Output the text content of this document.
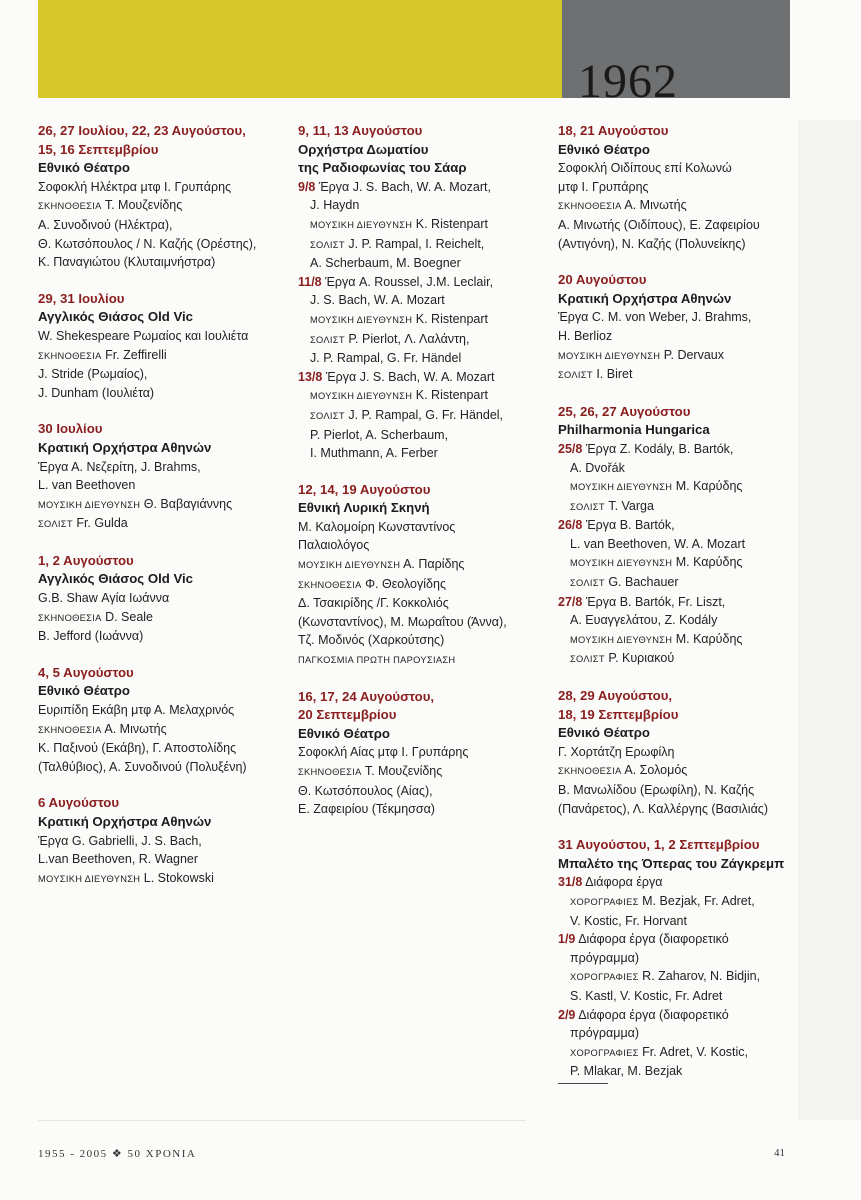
1962
26, 27 Ιουλίου, 22, 23 Αυγούστου,
15, 16 Σεπτεμβρίου
Εθνικό Θέατρο
Σοφοκλή Ηλέκτρα μτφ Ι. Γρυπάρης
ΣΚΗΝΟΘΕΣΙΑ Τ. Μουζενίδης
Α. Συνοδινού (Ηλέκτρα),
Θ. Κωτσόπουλος / Ν. Καζής (Ορέστης),
Κ. Παναγιώτου (Κλυταιμνήστρα)
29, 31 Ιουλίου
Αγγλικός Θιάσος Old Vic
W. Shekespeare Ρωμαίος και Ιουλιέτα
ΣΚΗΝΟΘΕΣΙΑ Fr. Zeffirelli
J. Stride (Ρωμαίος),
J. Dunham (Ιουλιέτα)
30 Ιουλίου
Κρατική Ορχήστρα Αθηνών
Έργα Α. Νεζερίτη, J. Brahms,
L. van Beethoven
ΜΟΥΣΙΚΗ ΔΙΕΥΘΥΝΣΗ Θ. Βαβαγιάννης
ΣΟΛΙΣΤ Fr. Gulda
1, 2 Αυγούστου
Αγγλικός Θιάσος Old Vic
G.B. Shaw Αγία Ιωάννα
ΣΚΗΝΟΘΕΣΙΑ D. Seale
B. Jefford (Ιωάννα)
4, 5 Αυγούστου
Εθνικό Θέατρο
Ευριπίδη Εκάβη μτφ Α. Μελαχρινός
ΣΚΗΝΟΘΕΣΙΑ Α. Μινωτής
Κ. Παξινού (Εκάβη), Γ. Αποστολίδης
(Ταλθύβιος), Α. Συνοδινού (Πολυξένη)
6 Αυγούστου
Κρατική Ορχήστρα Αθηνών
Έργα G. Gabrielli, J. S. Bach,
L.van Beethoven, R. Wagner
ΜΟΥΣΙΚΗ ΔΙΕΥΘΥΝΣΗ L. Stokowski
9, 11, 13 Αυγούστου
Ορχήστρα Δωματίου
της Ραδιοφωνίας του Σάαρ
9/8 Έργα J. S. Bach, W. A. Mozart,
J. Haydn
ΜΟΥΣΙΚΗ ΔΙΕΥΘΥΝΣΗ K. Ristenpart
ΣΟΛΙΣΤ J. P. Rampal, I. Reichelt,
A. Scherbaum, M. Boegner
11/8 Έργα A. Roussel, J.M. Leclair,
J. S. Bach, W. A. Mozart
ΜΟΥΣΙΚΗ ΔΙΕΥΘΥΝΣΗ K. Ristenpart
ΣΟΛΙΣΤ P. Pierlot, Λ. Λαλάντη,
J. P. Rampal, G. Fr. Händel
13/8 Έργα J. S. Bach, W. A. Mozart
ΜΟΥΣΙΚΗ ΔΙΕΥΘΥΝΣΗ K. Ristenpart
ΣΟΛΙΣΤ J. P. Rampal, G. Fr. Händel,
P. Pierlot, A. Scherbaum,
I. Muthmann, A. Ferber
12, 14, 19 Αυγούστου
Εθνική Λυρική Σκηνή
Μ. Καλομοίρη Κωνσταντίνος
Παλαιολόγος
ΜΟΥΣΙΚΗ ΔΙΕΥΘΥΝΣΗ Α. Παρίδης
ΣΚΗΝΟΘΕΣΙΑ Φ. Θεολογίδης
Δ. Τσακιρίδης /Γ. Κοκκολιός
(Κωνσταντίνος), Μ. Μωραΐτου (Άννα),
Τζ. Μοδινός (Χαρκούτσης)
ΠΑΓΚΟΣΜΙΑ ΠΡΩΤΗ ΠΑΡΟΥΣΙΑΣΗ
16, 17, 24 Αυγούστου,
20 Σεπτεμβρίου
Εθνικό Θέατρο
Σοφοκλή Αίας μτφ Ι. Γρυπάρης
ΣΚΗΝΟΘΕΣΙΑ Τ. Μουζενίδης
Θ. Κωτσόπουλος (Αίας),
Ε. Ζαφειρίου (Τέκμησσα)
18, 21 Αυγούστου
Εθνικό Θέατρο
Σοφοκλή Οιδίπους επί Κολωνώ
μτφ Ι. Γρυπάρης
ΣΚΗΝΟΘΕΣΙΑ Α. Μινωτής
Α. Μινωτής (Οιδίπους), Ε. Ζαφειρίου
(Αντιγόνη), Ν. Καζής (Πολυνείκης)
20 Αυγούστου
Κρατική Ορχήστρα Αθηνών
Έργα C. M. von Weber, J. Brahms,
H. Berlioz
ΜΟΥΣΙΚΗ ΔΙΕΥΘΥΝΣΗ P. Dervaux
ΣΟΛΙΣΤ I. Biret
25, 26, 27 Αυγούστου
Philharmonia Hungarica
25/8 Έργα Z. Kodály, B. Bartók,
A. Dvořák
ΜΟΥΣΙΚΗ ΔΙΕΥΘΥΝΣΗ Μ. Καρύδης
ΣΟΛΙΣΤ T. Varga
26/8 Έργα B. Bartók,
L. van Beethoven, W. A. Mozart
ΜΟΥΣΙΚΗ ΔΙΕΥΘΥΝΣΗ Μ. Καρύδης
ΣΟΛΙΣΤ G. Bachauer
27/8 Έργα B. Bartók, Fr. Liszt,
Α. Ευαγγελάτου, Z. Kodály
ΜΟΥΣΙΚΗ ΔΙΕΥΘΥΝΣΗ Μ. Καρύδης
ΣΟΛΙΣΤ Ρ. Κυριακού
28, 29 Αυγούστου,
18, 19 Σεπτεμβρίου
Εθνικό Θέατρο
Γ. Χορτάτζη Ερωφίλη
ΣΚΗΝΟΘΕΣΙΑ Α. Σολομός
Β. Μανωλίδου (Ερωφίλη), Ν. Καζής
(Πανάρετος), Λ. Καλλέργης (Βασιλιάς)
31 Αυγούστου, 1, 2 Σεπτεμβρίου
Μπαλέτο της Όπερας του Ζάγκρεμπ
31/8 Διάφορα έργα
ΧΟΡΟΓΡΑΦΙΕΣ M. Bezjak, Fr. Adret,
V. Kostic, Fr. Horvant
1/9 Διάφορα έργα (διαφορετικό
πρόγραμμα)
ΧΟΡΟΓΡΑΦΙΕΣ R. Zaharov, N. Bidjin,
S. Kastl, V. Kostic, Fr. Adret
2/9 Διάφορα έργα (διαφορετικό
πρόγραμμα)
ΧΟΡΟΓΡΑΦΙΕΣ Fr. Adret, V. Kostic,
P. Mlakar, M. Bezjak
1955 - 2005 ❖ 50 ΧΡΟΝΙΑ	41
